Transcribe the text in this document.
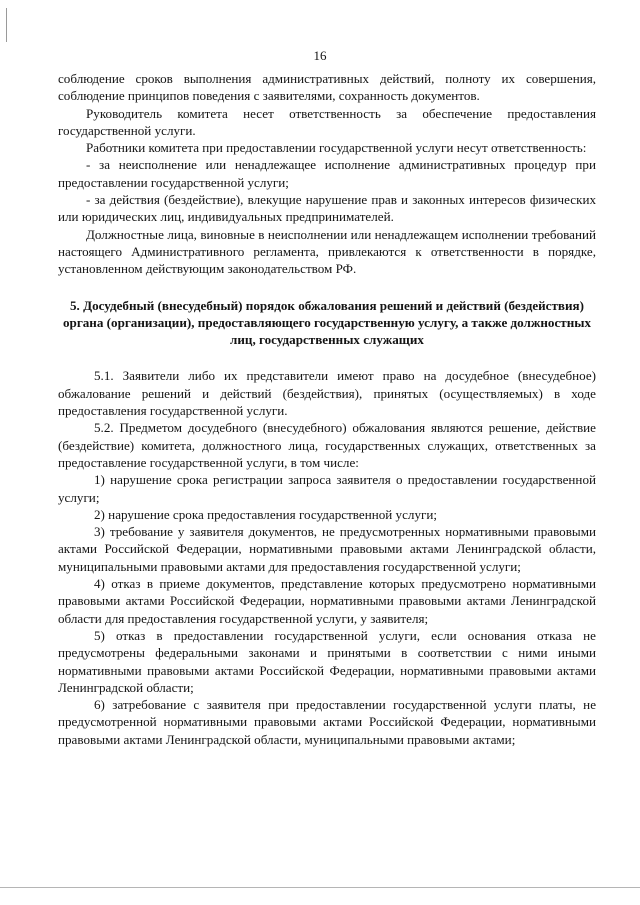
16

соблюдение сроков выполнения административных действий, полноту их совершения, соблюдение принципов поведения с заявителями, сохранность документов.

Руководитель комитета несет ответственность за обеспечение предоставления государственной услуги.

Работники комитета при предоставлении государственной услуги несут ответственность:

- за неисполнение или ненадлежащее исполнение административных процедур при предоставлении государственной услуги;

- за действия (бездействие), влекущие нарушение прав и законных интересов физических или юридических лиц, индивидуальных предпринимателей.

Должностные лица, виновные в неисполнении или ненадлежащем исполнении требований настоящего Административного регламента, привлекаются к ответственности в порядке, установленном действующим законодательством РФ.

5. Досудебный (внесудебный) порядок обжалования решений и действий (бездействия) органа (организации), предоставляющего государственную услугу, а также должностных лиц, государственных служащих

5.1. Заявители либо их представители имеют право на досудебное (внесудебное) обжалование решений и действий (бездействия), принятых (осуществляемых) в ходе предоставления государственной услуги.

5.2. Предметом досудебного (внесудебного) обжалования являются решение, действие (бездействие) комитета, должностного лица, государственных служащих, ответственных за предоставление государственной услуги, в том числе:

1) нарушение срока регистрации запроса заявителя о предоставлении государственной услуги;

2) нарушение срока предоставления государственной услуги;

3) требование у заявителя документов, не предусмотренных нормативными правовыми актами Российской Федерации, нормативными правовыми актами Ленинградской области, муниципальными правовыми актами для предоставления государственной услуги;

4) отказ в приеме документов, представление которых предусмотрено нормативными правовыми актами Российской Федерации, нормативными правовыми актами Ленинградской области для предоставления государственной услуги, у заявителя;

5) отказ в предоставлении государственной услуги, если основания отказа не предусмотрены федеральными законами и принятыми в соответствии с ними иными нормативными правовыми актами Российской Федерации, нормативными правовыми актами Ленинградской области;

6) затребование с заявителя при предоставлении государственной услуги платы, не предусмотренной нормативными правовыми актами Российской Федерации, нормативными правовыми актами Ленинградской области, муниципальными правовыми актами;
